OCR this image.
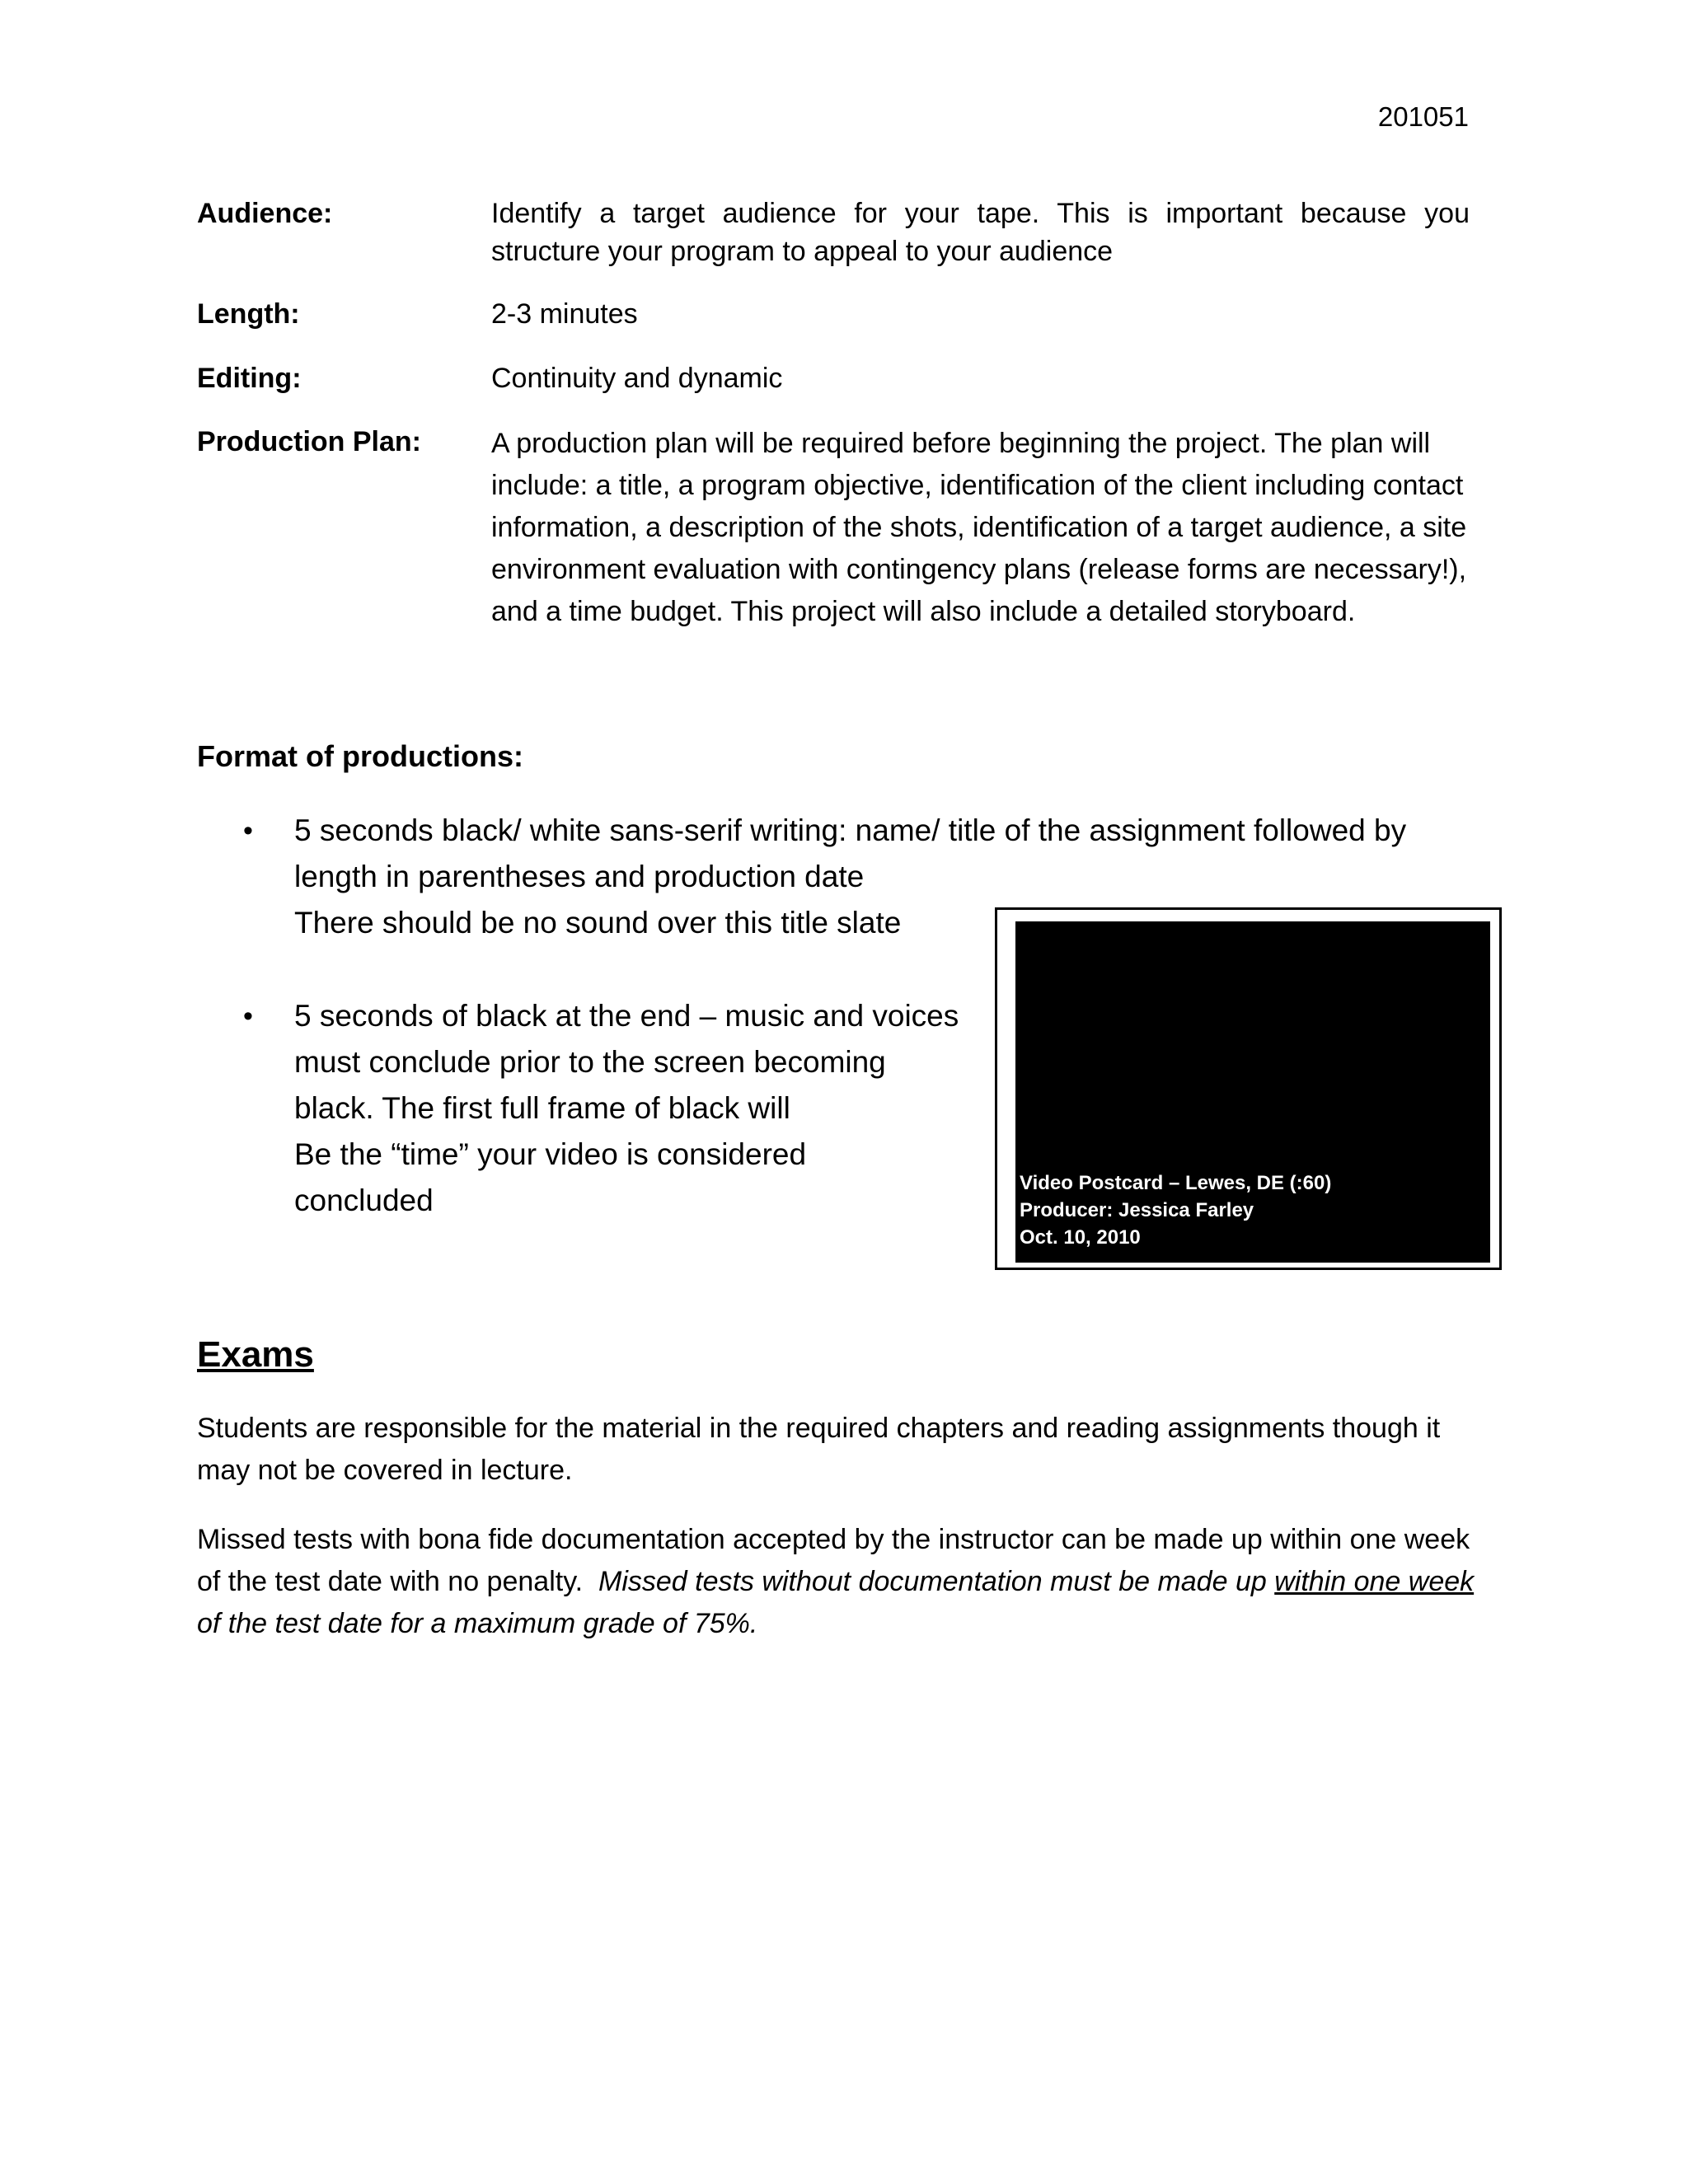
201051
Audience:	Identify a target audience for your tape. This is important because you structure your program to appeal to your audience
Length:	2-3 minutes
Editing:	Continuity and dynamic
Production Plan:	A production plan will be required before beginning the project. The plan will
include: a title, a program objective, identification of the client including contact
information, a description of the shots, identification of a target audience, a site
environment evaluation with contingency plans (release forms are necessary!),
and a time budget. This project will also include a detailed storyboard.
Format of productions:
• 5 seconds black/ white sans-serif writing: name/ title of the assignment followed by
length in parentheses and production date
There should be no sound over this title slate
• 5 seconds of black at the end – music and voices
must conclude prior to the screen becoming
black. The first full frame of black will
Be the “time” your video is considered
concluded
Video Postcard – Lewes, DE (:60)
Producer: Jessica Farley
Oct. 10, 2010
Exams
Students are responsible for the material in the required chapters and reading assignments though it
may not be covered in lecture.
Missed tests with bona fide documentation accepted by the instructor can be made up within one week
of the test date with no penalty.  Missed tests without documentation must be made up within one week
of the test date for a maximum grade of 75%.
